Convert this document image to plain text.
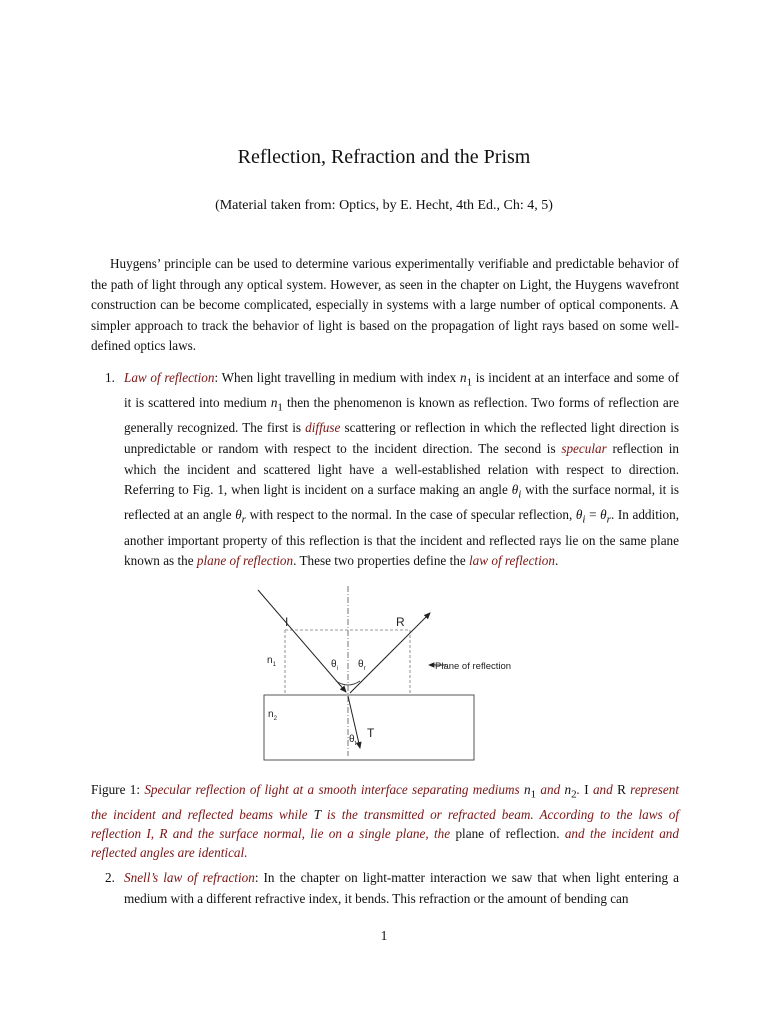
Reflection, Refraction and the Prism
(Material taken from: Optics, by E. Hecht, 4th Ed., Ch: 4, 5)

Huygens’ principle can be used to determine various experimentally verifiable and predictable behavior of the path of light through any optical system. However, as seen in the chapter on Light, the Huygens wavefront construction can be become complicated, especially in systems with a large number of optical components. A simpler approach to track the behavior of light is based on the propagation of light rays based on some well-defined optics laws.

1. Law of reflection: When light travelling in medium with index $n_1$ is incident at an interface and some of it is scattered into medium $n_1$ then the phenomenon is known as reflection. Two forms of reflection are generally recognized. The first is diffuse scattering or reflection in which the reflected light direction is unpredictable or random with respect to the incident direction. The second is specular reflection in which the incident and scattered light have a well-established relation with respect to direction. Referring to Fig. 1, when light is incident on a surface making an angle $\theta_i$ with the surface normal, it is reflected at an angle $\theta_r$ with respect to the normal. In the case of specular reflection, $\theta_i = \theta_r$. In addition, another important property of this reflection is that the incident and reflected rays lie on the same plane known as the plane of reflection. These two properties define the law of reflection.

I	R
$n_1$
$n_2$
$\theta_i$ $\theta_r$
$\theta_t$
T
Plane of reflection

Figure 1: Specular reflection of light at a smooth interface separating mediums $n_1$ and $n_2$. I and R represent the incident and reflected beams while T is the transmitted or refracted beam. According to the laws of reflection I, R and the surface normal, lie on a single plane, the plane of reflection. and the incident and reflected angles are identical.

2. Snell’s law of refraction: In the chapter on light-matter interaction we saw that when light entering a medium with a different refractive index, it bends. This refraction or the amount of bending can

1
